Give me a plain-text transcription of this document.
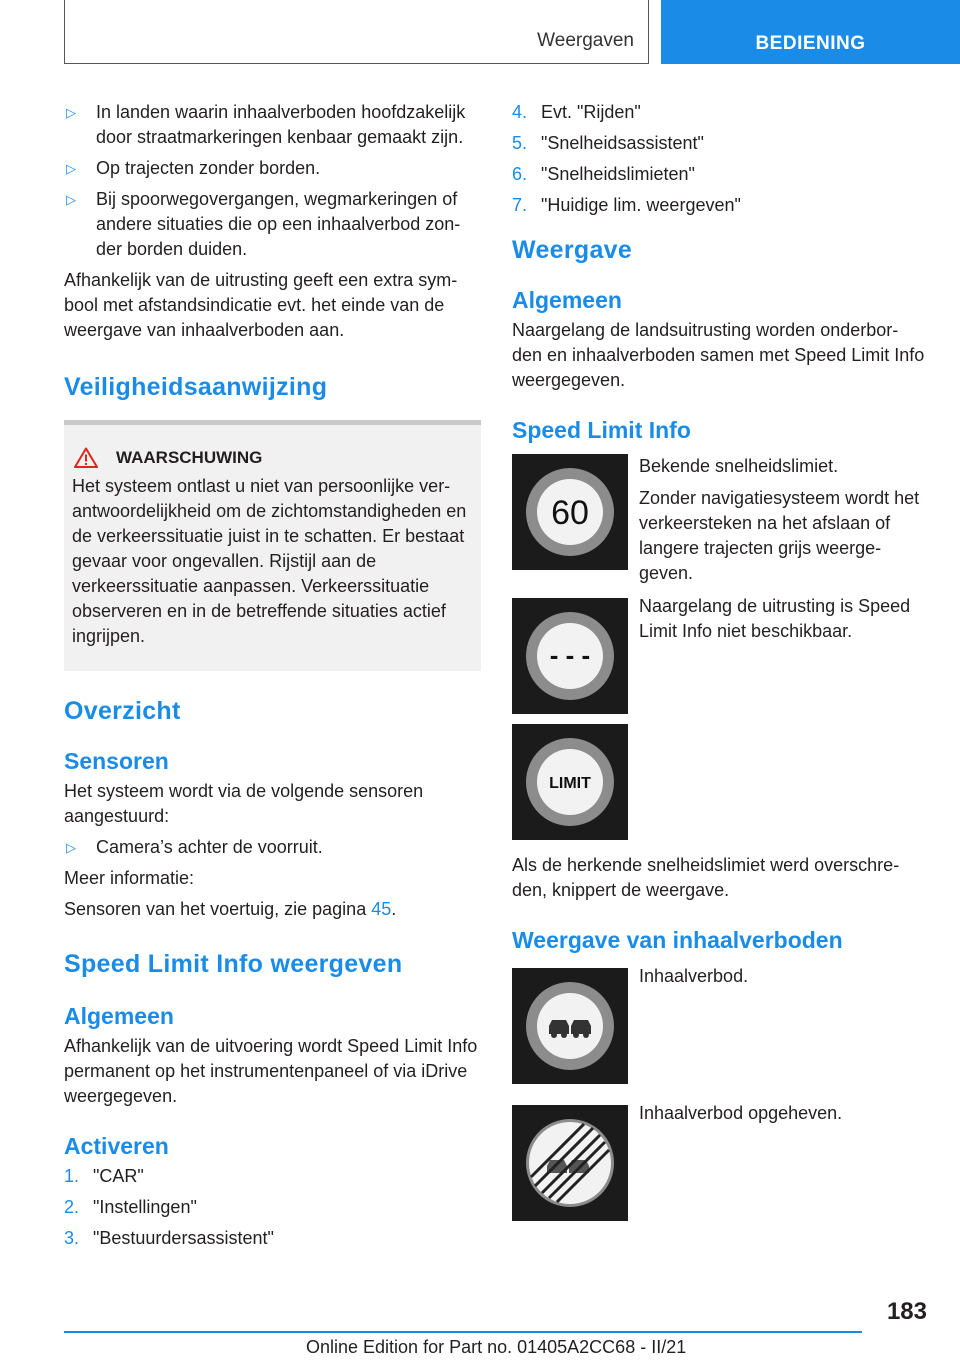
Weergaven	BEDIENING
▷	In landen waarin inhaalverboden hoofdzakelijk door straatmarkeringen kenbaar gemaakt zijn.
▷	Op trajecten zonder borden.
▷	Bij spoorwegovergangen, wegmarkeringen of andere situaties die op een inhaalverbod zon-der borden duiden.

Afhankelijk van de uitrusting geeft een extra sym-bool met afstandsindicatie evt. het einde van de weergave van inhaalverboden aan.

Veiligheidsaanwijzing
WAARSCHUWING

Het systeem ontlast u niet van persoonlijke ver-antwoordelijkheid om de zichtomstandigheden en de verkeerssituatie juist in te schatten. Er bestaat gevaar voor ongevallen. Rijstijl aan de verkeerssituatie aanpassen. Verkeerssituatie observeren en in de betreffende situaties actief ingrijpen.

Overzicht
Sensoren

Het systeem wordt via de volgende sensoren aangestuurd:

▷	Camera’s achter de voorruit.

Meer informatie:

Sensoren van het voertuig, zie pagina 45.

Speed Limit Info weergeven
Algemeen

Afhankelijk van de uitvoering wordt Speed Limit Info permanent op het instrumentenpaneel of via iDrive weergegeven.

Activeren
1. "CAR"
2. "Instellingen"
3. "Bestuurdersassistent"
4. Evt. "Rijden"
5. "Snelheidsassistent"
6. "Snelheidslimieten"
7. "Huidige lim. weergeven"
Weergave
Algemeen

Naargelang de landsuitrusting worden onderbor-den en inhaalverboden samen met Speed Limit Info weergegeven.

Speed Limit Info
60

Bekende snelheidslimiet.

Zonder navigatiesysteem wordt het verkeersteken na het afslaan of langere trajecten grijs weerge-geven.

- - -

Naargelang de uitrusting is Speed Limit Info niet beschikbaar.

LIMIT

Als de herkende snelheidslimiet werd overschre-den, knippert de weergave.

Weergave van inhaalverboden

Inhaalverbod.

Inhaalverbod opgeheven.

183
Online Edition for Part no. 01405A2CC68 - II/21
